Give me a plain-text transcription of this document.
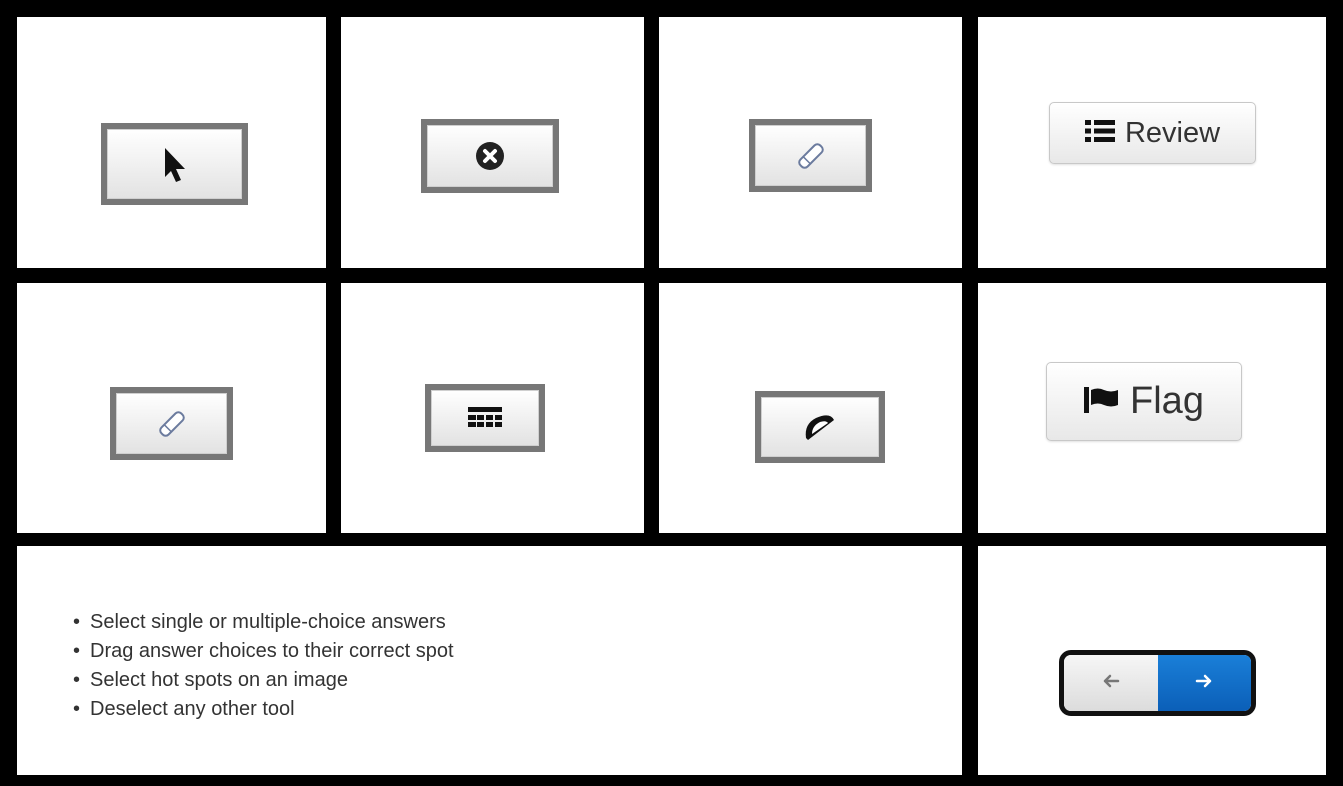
Review
Flag
• Select single or multiple-choice answers
• Drag answer choices to their correct spot
• Select hot spots on an image
• Deselect any other tool
